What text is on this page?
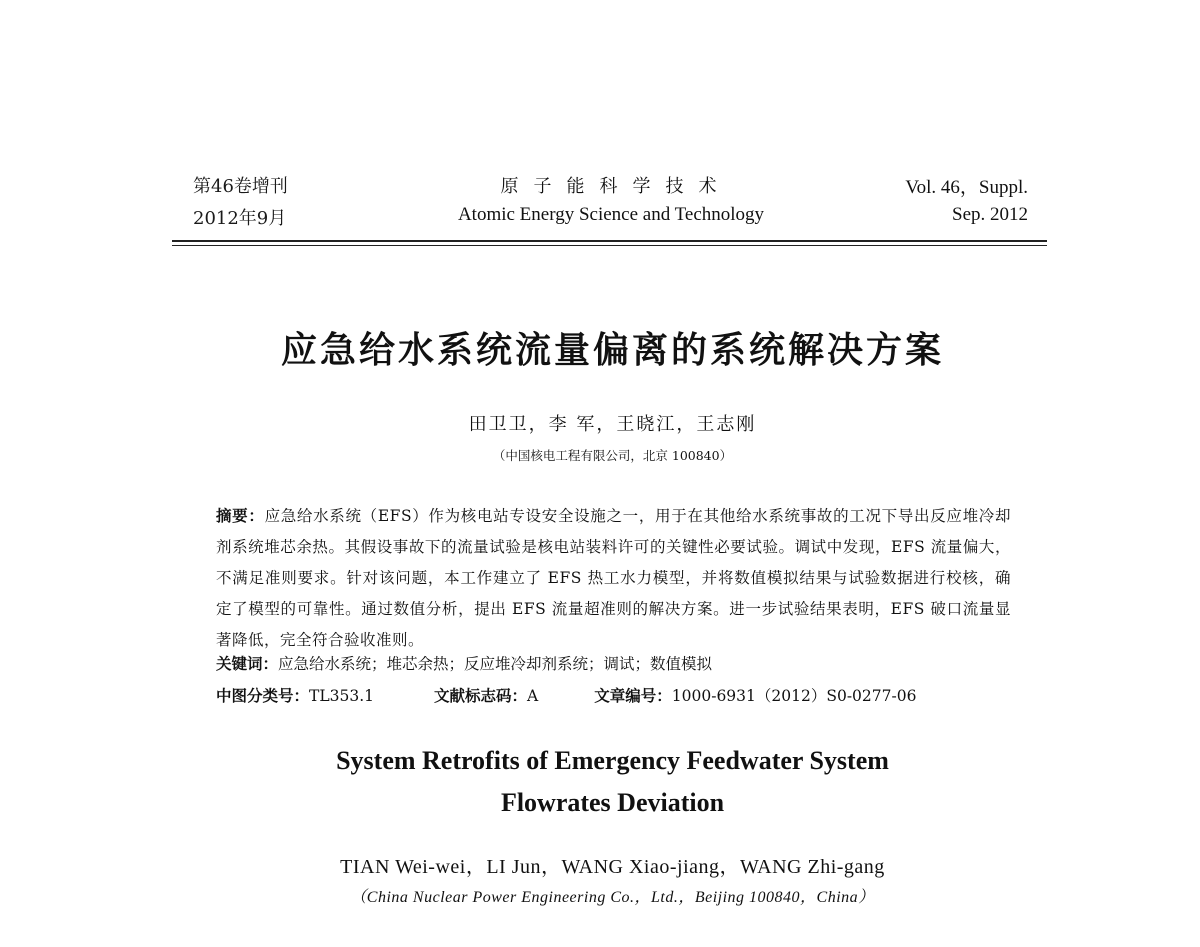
第46卷增刊
2012年9月
原子能科学技术
Atomic Energy Science and Technology
Vol. 46，Suppl.
Sep. 2012
应急给水系统流量偏离的系统解决方案
田卫卫，李 军，王晓江，王志刚
（中国核电工程有限公司，北京 100840）
摘要：应急给水系统（EFS）作为核电站专设安全设施之一，用于在其他给水系统事故的工况下导出反应堆冷却剂系统堆芯余热。其假设事故下的流量试验是核电站装料许可的关键性必要试验。调试中发现，EFS 流量偏大，不满足准则要求。针对该问题，本工作建立了 EFS 热工水力模型，并将数值模拟结果与试验数据进行校核，确定了模型的可靠性。通过数值分析，提出 EFS 流量超准则的解决方案。进一步试验结果表明，EFS 破口流量显著降低，完全符合验收准则。
关键词：应急给水系统；堆芯余热；反应堆冷却剂系统；调试；数值模拟
中图分类号：TL353.1	文献标志码：A	文章编号：1000-6931（2012）S0-0277-06
System Retrofits of Emergency Feedwater System
Flowrates Deviation
TIAN Wei-wei，LI Jun，WANG Xiao-jiang，WANG Zhi-gang
（China Nuclear Power Engineering Co.，Ltd.，Beijing 100840，China）
